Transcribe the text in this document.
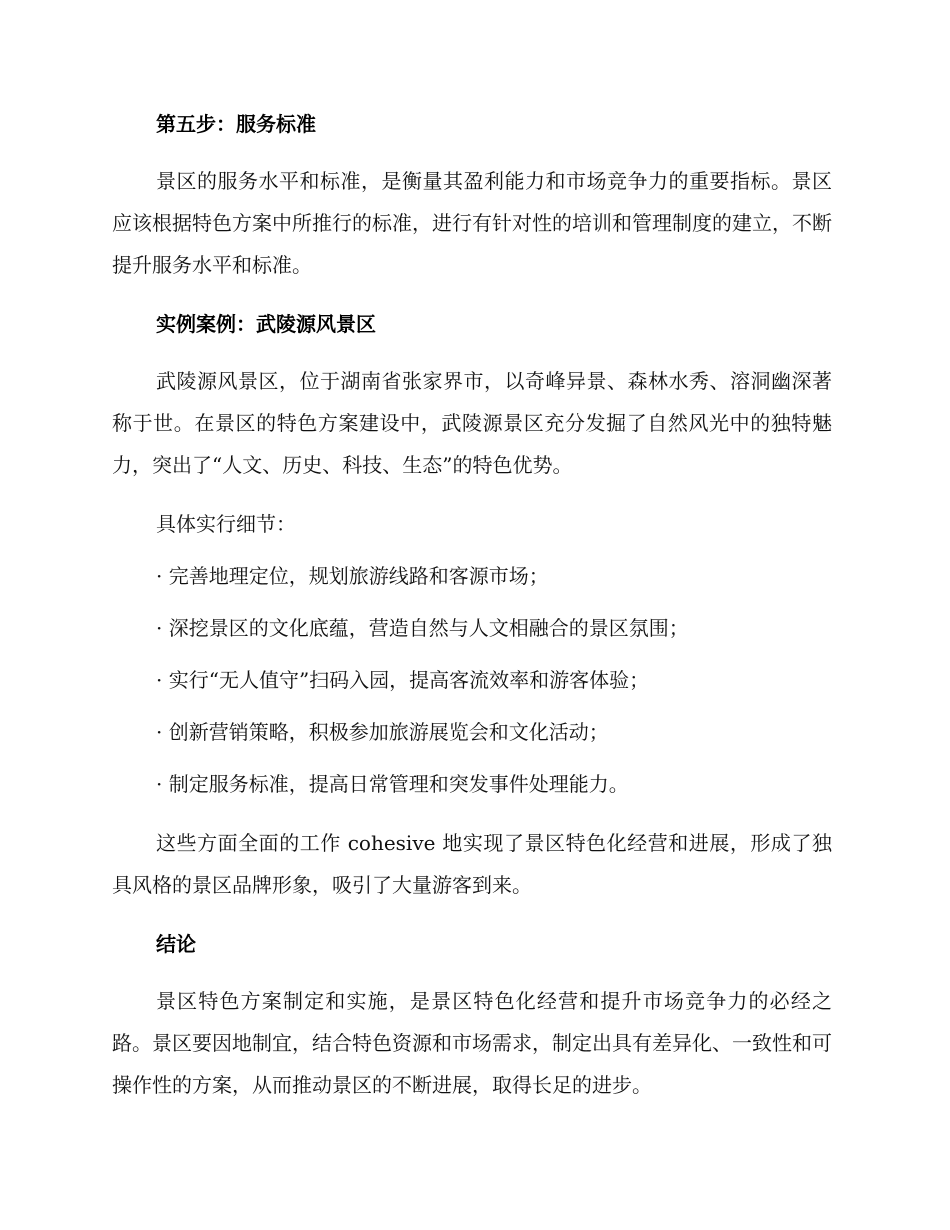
第五步：服务标准

景区的服务水平和标准，是衡量其盈利能力和市场竞争力的重要指标。景区应该根据特色方案中所推行的标准，进行有针对性的培训和管理制度的建立，不断提升服务水平和标准。

实例案例：武陵源风景区

武陵源风景区，位于湖南省张家界市，以奇峰异景、森林水秀、溶洞幽深著称于世。在景区的特色方案建设中，武陵源景区充分发掘了自然风光中的独特魅力，突出了“人文、历史、科技、生态”的特色优势。

具体实行细节：

· 完善地理定位，规划旅游线路和客源市场；

· 深挖景区的文化底蕴，营造自然与人文相融合的景区氛围；

· 实行“无人值守”扫码入园，提高客流效率和游客体验；

· 创新营销策略，积极参加旅游展览会和文化活动；

· 制定服务标准，提高日常管理和突发事件处理能力。

这些方面全面的工作 cohesive 地实现了景区特色化经营和进展，形成了独具风格的景区品牌形象，吸引了大量游客到来。

结论

景区特色方案制定和实施，是景区特色化经营和提升市场竞争力的必经之路。景区要因地制宜，结合特色资源和市场需求，制定出具有差异化、一致性和可操作性的方案，从而推动景区的不断进展，取得长足的进步。
